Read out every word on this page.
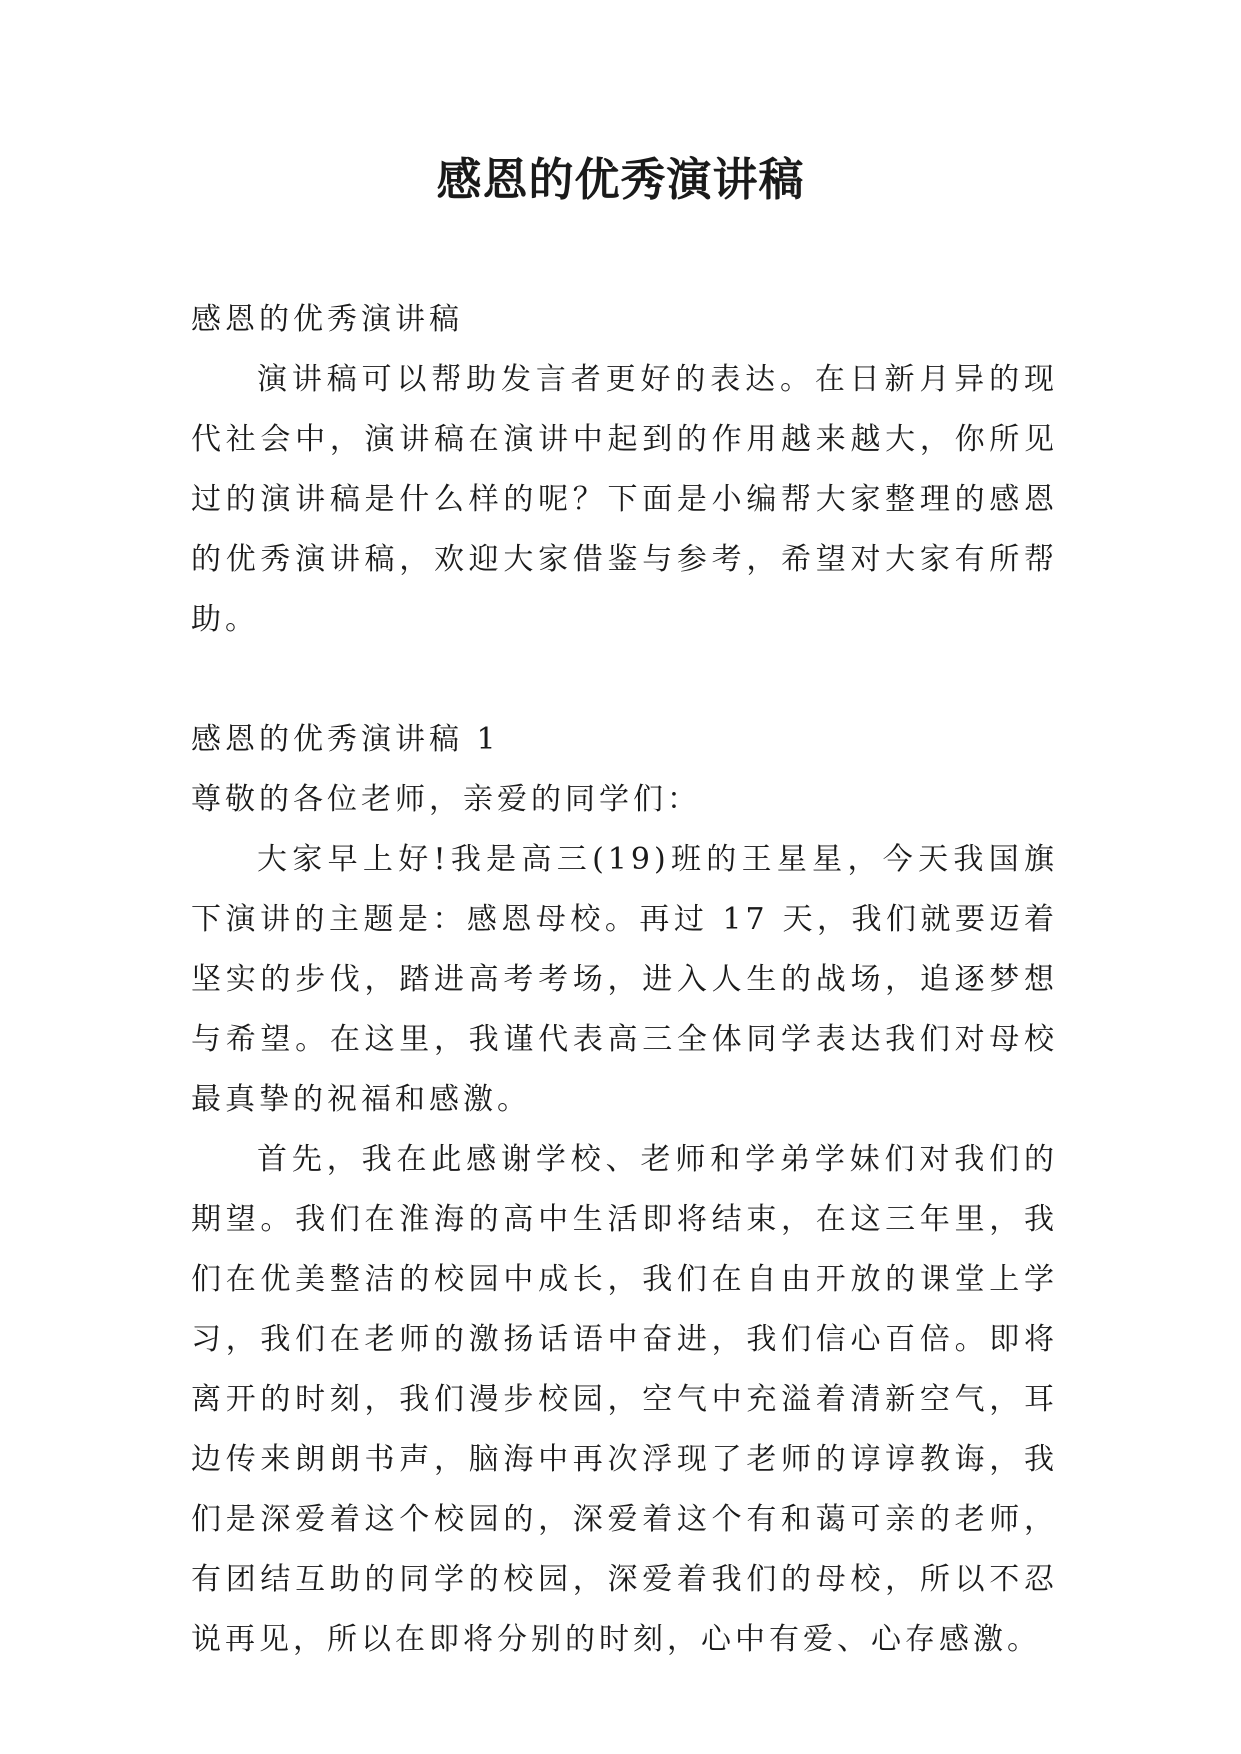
感恩的优秀演讲稿

感恩的优秀演讲稿

演讲稿可以帮助发言者更好的表达。在日新月异的现代社会中，演讲稿在演讲中起到的作用越来越大，你所见过的演讲稿是什么样的呢？下面是小编帮大家整理的感恩的优秀演讲稿，欢迎大家借鉴与参考，希望对大家有所帮助。

感恩的优秀演讲稿 1

尊敬的各位老师，亲爱的同学们：

大家早上好!我是高三(19)班的王星星，今天我国旗下演讲的主题是：感恩母校。再过 17 天，我们就要迈着坚实的步伐，踏进高考考场，进入人生的战场，追逐梦想与希望。在这里，我谨代表高三全体同学表达我们对母校最真挚的祝福和感激。

首先，我在此感谢学校、老师和学弟学妹们对我们的期望。我们在淮海的高中生活即将结束，在这三年里，我们在优美整洁的校园中成长，我们在自由开放的课堂上学习，我们在老师的激扬话语中奋进，我们信心百倍。即将离开的时刻，我们漫步校园，空气中充溢着清新空气，耳边传来朗朗书声，脑海中再次浮现了老师的谆谆教诲，我们是深爱着这个校园的，深爱着这个有和蔼可亲的老师，有团结互助的同学的校园，深爱着我们的母校，所以不忍说再见，所以在即将分别的时刻，心中有爱、心存感激。
